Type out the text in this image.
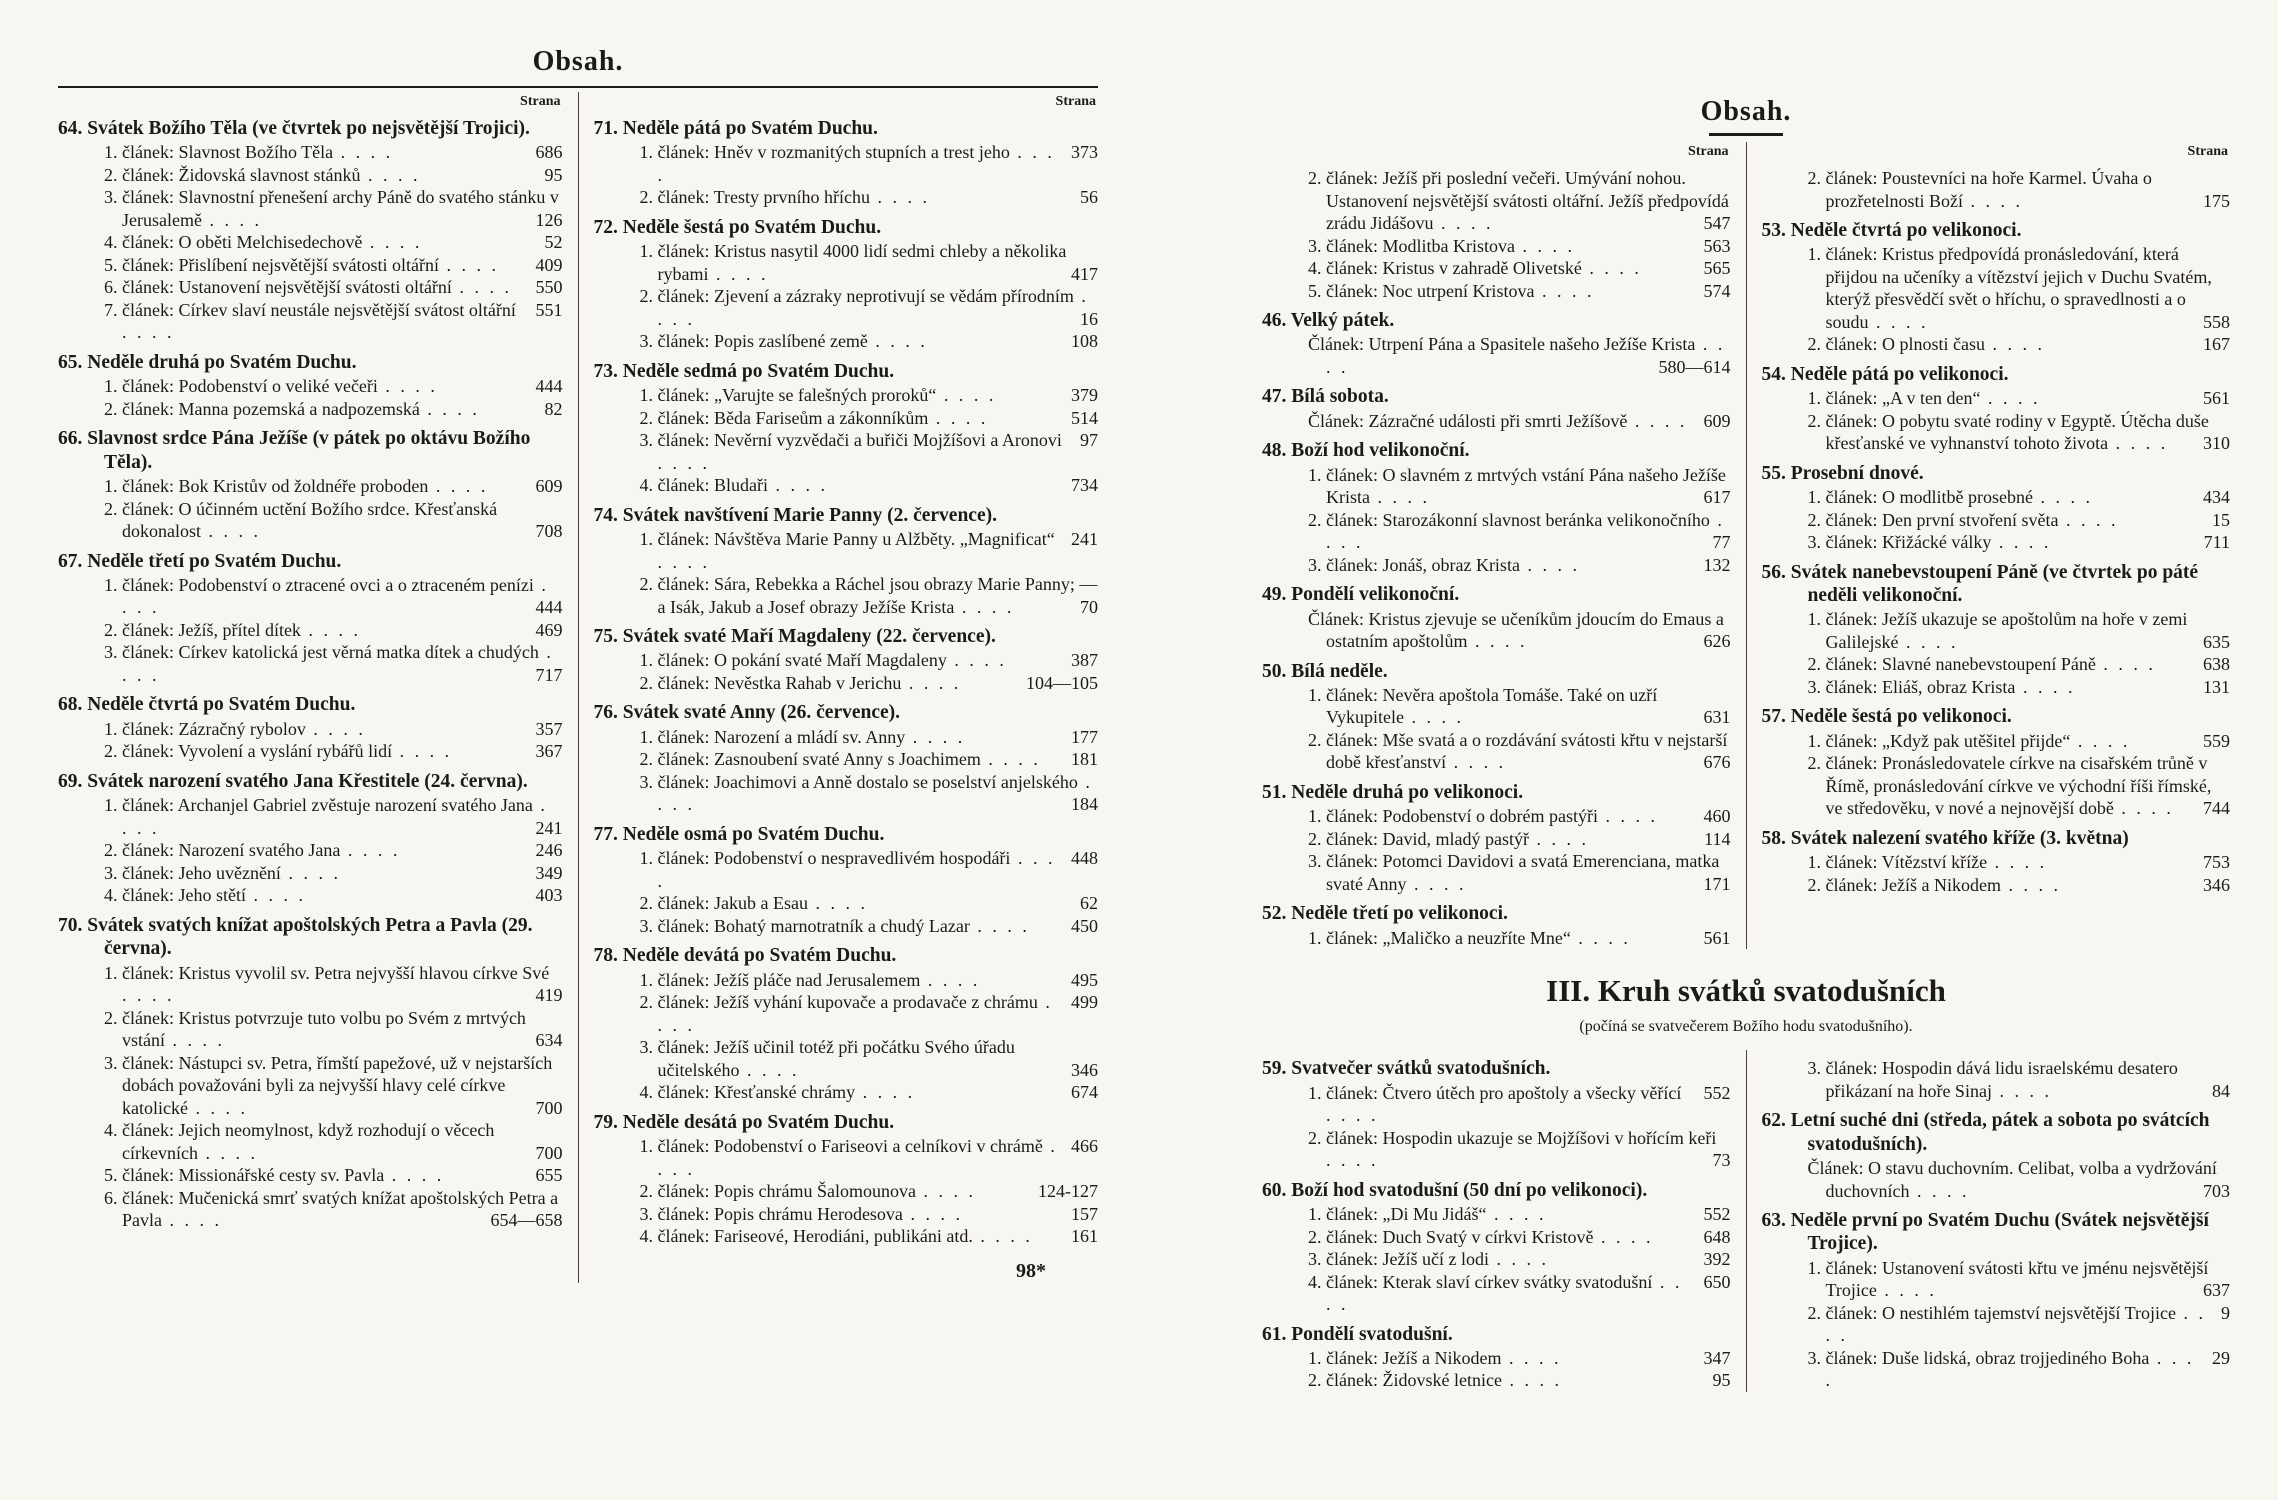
Obsah.
Strana
64. Svátek Božího Těla (ve čtvrtek po nejsvětější Trojici).
1. článek: Slavnost Božího Těla	686
. . . .
2. článek: Židovská slavnost stánků	95
. . . .
3. článek: Slavnostní přenešení archy Páně do svatého stánku v Jerusalemě	126
. . . .
4. článek: O oběti Melchisedechově	52
. . . .
5. článek: Přislíbení nejsvětější svátosti oltářní	409
. . . .
6. článek: Ustanovení nejsvětější svátosti oltářní	550
. . . .
7. článek: Církev slaví neustále nejsvětější svátost oltářní 551
. . . .
65. Neděle druhá po Svatém Duchu.
1. článek: Podobenství o veliké večeři	444
. . . .
2. článek: Manna pozemská a nadpozemská	82
. . . .
66. Slavnost srdce Pána Ježíše (v pátek po oktávu Božího Těla).
1. článek: Bok Kristův od žoldnéře proboden	609
. . . .
2. článek: O účinném uctění Božího srdce. Křesťanská dokonalost	708
. . . .
67. Neděle třetí po Svatém Duchu.
1. článek: Podobenství o ztracené ovci a o ztraceném penízi
444
. . . .
2. článek: Ježíš, přítel dítek	469
. . . .
3. článek: Církev katolická jest věrná matka dítek a chudých
717
. . . .
68. Neděle čtvrtá po Svatém Duchu.
1. článek: Zázračný rybolov	357
. . . .
2. článek: Vyvolení a vyslání rybářů lidí	367
. . . .
69. Svátek narození svatého Jana Křestitele (24. června).
1. článek: Archanjel Gabriel zvěstuje narození svatého Jana
241
. . . .
2. článek: Narození svatého Jana	246
. . . .
3. článek: Jeho uvěznění	349
. . . .
4. článek: Jeho stětí	403
. . . .
70. Svátek svatých knížat apoštolských Petra a Pavla (29. června).
1. článek: Kristus vyvolil sv. Petra nejvyšší hlavou církve Své
419
. . . .
2. článek: Kristus potvrzuje tuto volbu po Svém z mrtvých vstání	634
. . . .
3. článek: Nástupci sv. Petra, římští papežové, už v nejstarších dobách považováni byli za nejvyšší hlavy celé církve katolické	700
. . . .
4. článek: Jejich neomylnost, když rozhodují o věcech církevních	700
. . . .
5. článek: Missionářské cesty sv. Pavla	655
. . . .
6. článek: Mučenická smrť svatých knížat apoštolských Petra a Pavla	654—658
. . . .
Strana
71. Neděle pátá po Svatém Duchu.
1. článek: Hněv v rozmanitých stupních a trest jeho	373
. . . .
2. článek: Tresty prvního hříchu	56
. . . .
72. Neděle šestá po Svatém Duchu.
1. článek: Kristus nasytil 4000 lidí sedmi chleby a několika rybami	417
. . . .
2. článek: Zjevení a zázraky neprotivují se vědám přírodním
16
. . . .
3. článek: Popis zaslíbené země	108
. . . .
73. Neděle sedmá po Svatém Duchu.
1. článek: „Varujte se falešných proroků“	379
. . . .
2. článek: Běda Fariseům a zákonníkům	514
. . . .
3. článek: Nevěrní vyzvědači a buřiči Mojžíšovi a Aronovi 97
. . . .
4. článek: Bludaři	734
. . . .
74. Svátek navštívení Marie Panny (2. července).
1. článek: Návštěva Marie Panny u Alžběty. „Magnificat“ 241
. . . .
2. článek: Sára, Rebekka a Ráchel jsou obrazy Marie Panny; — a Isák, Jakub a Josef obrazy Ježíše Krista	70
. . . .
75. Svátek svaté Maří Magdaleny (22. července).
1. článek: O pokání svaté Maří Magdaleny	387
. . . .
2. článek: Nevěstka Rahab v Jerichu	104—105
. . . .
76. Svátek svaté Anny (26. července).
1. článek: Narození a mládí sv. Anny	177
. . . .
2. článek: Zasnoubení svaté Anny s Joachimem	181
. . . .
3. článek: Joachimovi a Anně dostalo se poselství anjelského
184
. . . .
77. Neděle osmá po Svatém Duchu.
1. článek: Podobenství o nespravedlivém hospodáři	448
. . . .
2. článek: Jakub a Esau	62
. . . .
3. článek: Bohatý marnotratník a chudý Lazar	450
. . . .
78. Neděle devátá po Svatém Duchu.
1. článek: Ježíš pláče nad Jerusalemem	495
. . . .
2. článek: Ježíš vyhání kupovače a prodavače z chrámu 499
. . . .
3. článek: Ježíš učinil totéž při počátku Svého úřadu učitelského	346
. . . .
4. článek: Křesťanské chrámy	674
. . . .
79. Neděle desátá po Svatém Duchu.
1. článek: Podobenství o Fariseovi a celníkovi v chrámě 466
. . . .
2. článek: Popis chrámu Šalomounova	124-127
. . . .
3. článek: Popis chrámu Herodesova	157
. . . .
4. článek: Fariseové, Herodiáni, publikáni atd.	161
. . . .
98*
Obsah.
Strana
2. článek: Ježíš při poslední večeři. Umývání nohou. Ustanovení nejsvětější svátosti oltářní. Ježíš předpovídá zrádu Jidášovu	547
. . . .
3. článek: Modlitba Kristova	563
. . . .
4. článek: Kristus v zahradě Olivetské	565
. . . .
5. článek: Noc utrpení Kristova	574
. . . .
46. Velký pátek.
Článek: Utrpení Pána a Spasitele našeho Ježíše Krista
580—614
. . . .
47. Bílá sobota.
Článek: Zázračné události při smrti Ježíšově	609
. . . .
48. Boží hod velikonoční.
1. článek: O slavném z mrtvých vstání Pána našeho Ježíše Krista	617
. . . .
2. článek: Starozákonní slavnost beránka velikonočního
77
. . . .
3. článek: Jonáš, obraz Krista	132
. . . .
49. Pondělí velikonoční.
Článek: Kristus zjevuje se učeníkům jdoucím do Emaus a ostatním apoštolům	626
. . . .
50. Bílá neděle.
1. článek: Nevěra apoštola Tomáše. Také on uzří Vykupitele	631
. . . .
2. článek: Mše svatá a o rozdávání svátosti křtu v nejstarší době křesťanství	676
. . . .
51. Neděle druhá po velikonoci.
1. článek: Podobenství o dobrém pastýři	460
. . . .
2. článek: David, mladý pastýř	114
. . . .
3. článek: Potomci Davidovi a svatá Emerenciana, matka svaté Anny	171
. . . .
52. Neděle třetí po velikonoci.
1. článek: „Maličko a neuzříte Mne“	561
. . . .
Strana
2. článek: Poustevníci na hoře Karmel. Úvaha o prozřetelnosti Boží	175
. . . .
53. Neděle čtvrtá po velikonoci.
1. článek: Kristus předpovídá pronásledování, která přijdou na učeníky a vítězství jejich v Duchu Svatém, kterýž přesvědčí svět o hříchu, o spravedlnosti a o soudu	558
. . . .
2. článek: O plnosti času	167
. . . .
54. Neděle pátá po velikonoci.
1. článek: „A v ten den“	561
. . . .
2. článek: O pobytu svaté rodiny v Egyptě. Útěcha duše křesťanské ve vyhnanství tohoto života	310
. . . .
55. Prosební dnové.
1. článek: O modlitbě prosebné	434
. . . .
2. článek: Den první stvoření světa	15
. . . .
3. článek: Křižácké války	711
. . . .
56. Svátek nanebevstoupení Páně (ve čtvrtek po páté neděli velikonoční.
1. článek: Ježíš ukazuje se apoštolům na hoře v zemi Galilejské	635
. . . .
2. článek: Slavné nanebevstoupení Páně	638
. . . .
3. článek: Eliáš, obraz Krista	131
. . . .
57. Neděle šestá po velikonoci.
1. článek: „Když pak utěšitel přijde“	559
. . . .
2. článek: Pronásledovatele církve na cisařském trůně v Římě, pronásledování církve ve východní říši římské, ve středověku, v nové a nejnovější době	744
. . . .
58. Svátek nalezení svatého kříže (3. května)
1. článek: Vítězství kříže	753
. . . .
2. článek: Ježíš a Nikodem	346
. . . .
III. Kruh svátků svatodušních
(počíná se svatvečerem Božího hodu svatodušního).
59. Svatvečer svátků svatodušních.
1. článek: Čtvero útěch pro apoštoly a všecky věřící 552
. . . .
2. článek: Hospodin ukazuje se Mojžíšovi v hořícím keři
73
. . . .
60. Boží hod svatodušní (50 dní po velikonoci).
1. článek: „Di Mu Jidáš“	552
. . . .
2. článek: Duch Svatý v církvi Kristově	648
. . . .
3. článek: Ježíš učí z lodi	392
. . . .
4. článek: Kterak slaví církev svátky svatodušní	650
. . . .
61. Pondělí svatodušní.
1. článek: Ježíš a Nikodem	347
. . . .
2. článek: Židovské letnice	95
. . . .
3. článek: Hospodin dává lidu israelskému desatero přikázaní na hoře Sinaj	84
. . . .
62. Letní suché dni (středa, pátek a sobota po svátcích svatodušních).
Článek: O stavu duchovním. Celibat, volba a vydržování duchovních	703
. . . .
63. Neděle první po Svatém Duchu (Svátek nejsvětější Trojice).
1. článek: Ustanovení svátosti křtu ve jménu nejsvětější Trojice	637
. . . .
2. článek: O nestihlém tajemství nejsvětější Trojice	9
. . . .
3. článek: Duše lidská, obraz trojjediného Boha	29
. . . .
